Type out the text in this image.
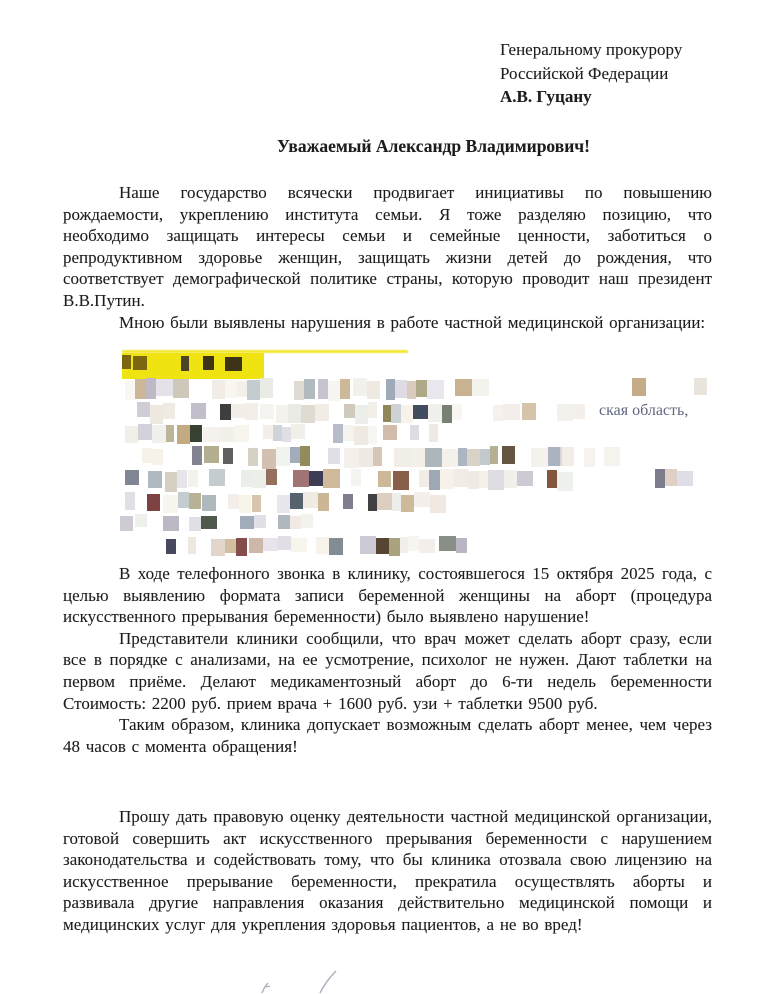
Генеральному прокурору
Российской Федерации
А.В. Гуцану
Уважаемый Александр Владимирович!

Наше государство всячески продвигает инициативы по повышению рождаемости, укреплению института семьи. Я тоже разделяю позицию, что необходимо защищать интересы семьи и семейные ценности, заботиться о репродуктивном здоровье женщин, защищать жизни детей до рождения, что соответствует демографической политике страны, которую проводит наш президент В.В.Путин.

Мною были выявлены нарушения в работе частной медицинской организации:

ская область,

В ходе телефонного звонка в клинику, состоявшегося 15 октября 2025 года, с целью выявлению формата записи беременной женщины на аборт (процедура искусственного прерывания беременности) было выявлено нарушение!

Представители клиники сообщили, что врач может сделать аборт сразу, если все в порядке с анализами, на ее усмотрение, психолог не нужен. Дают таблетки на первом приёме. Делают медикаментозный аборт до 6-ти недель беременности Стоимость: 2200 руб. прием врача + 1600 руб. узи + таблетки 9500 руб.

Таким образом, клиника допускает возможным сделать аборт менее, чем через 48 часов с момента обращения!

Прошу дать правовую оценку деятельности частной медицинской организации, готовой совершить акт искусственного прерывания беременности с нарушением законодательства и содействовать тому, что бы клиника отозвала свою лицензию на искусственное прерывание беременности, прекратила осуществлять аборты и развивала другие направления оказания действительно медицинской помощи и медицинских услуг для укрепления здоровья пациентов, а не во вред!
